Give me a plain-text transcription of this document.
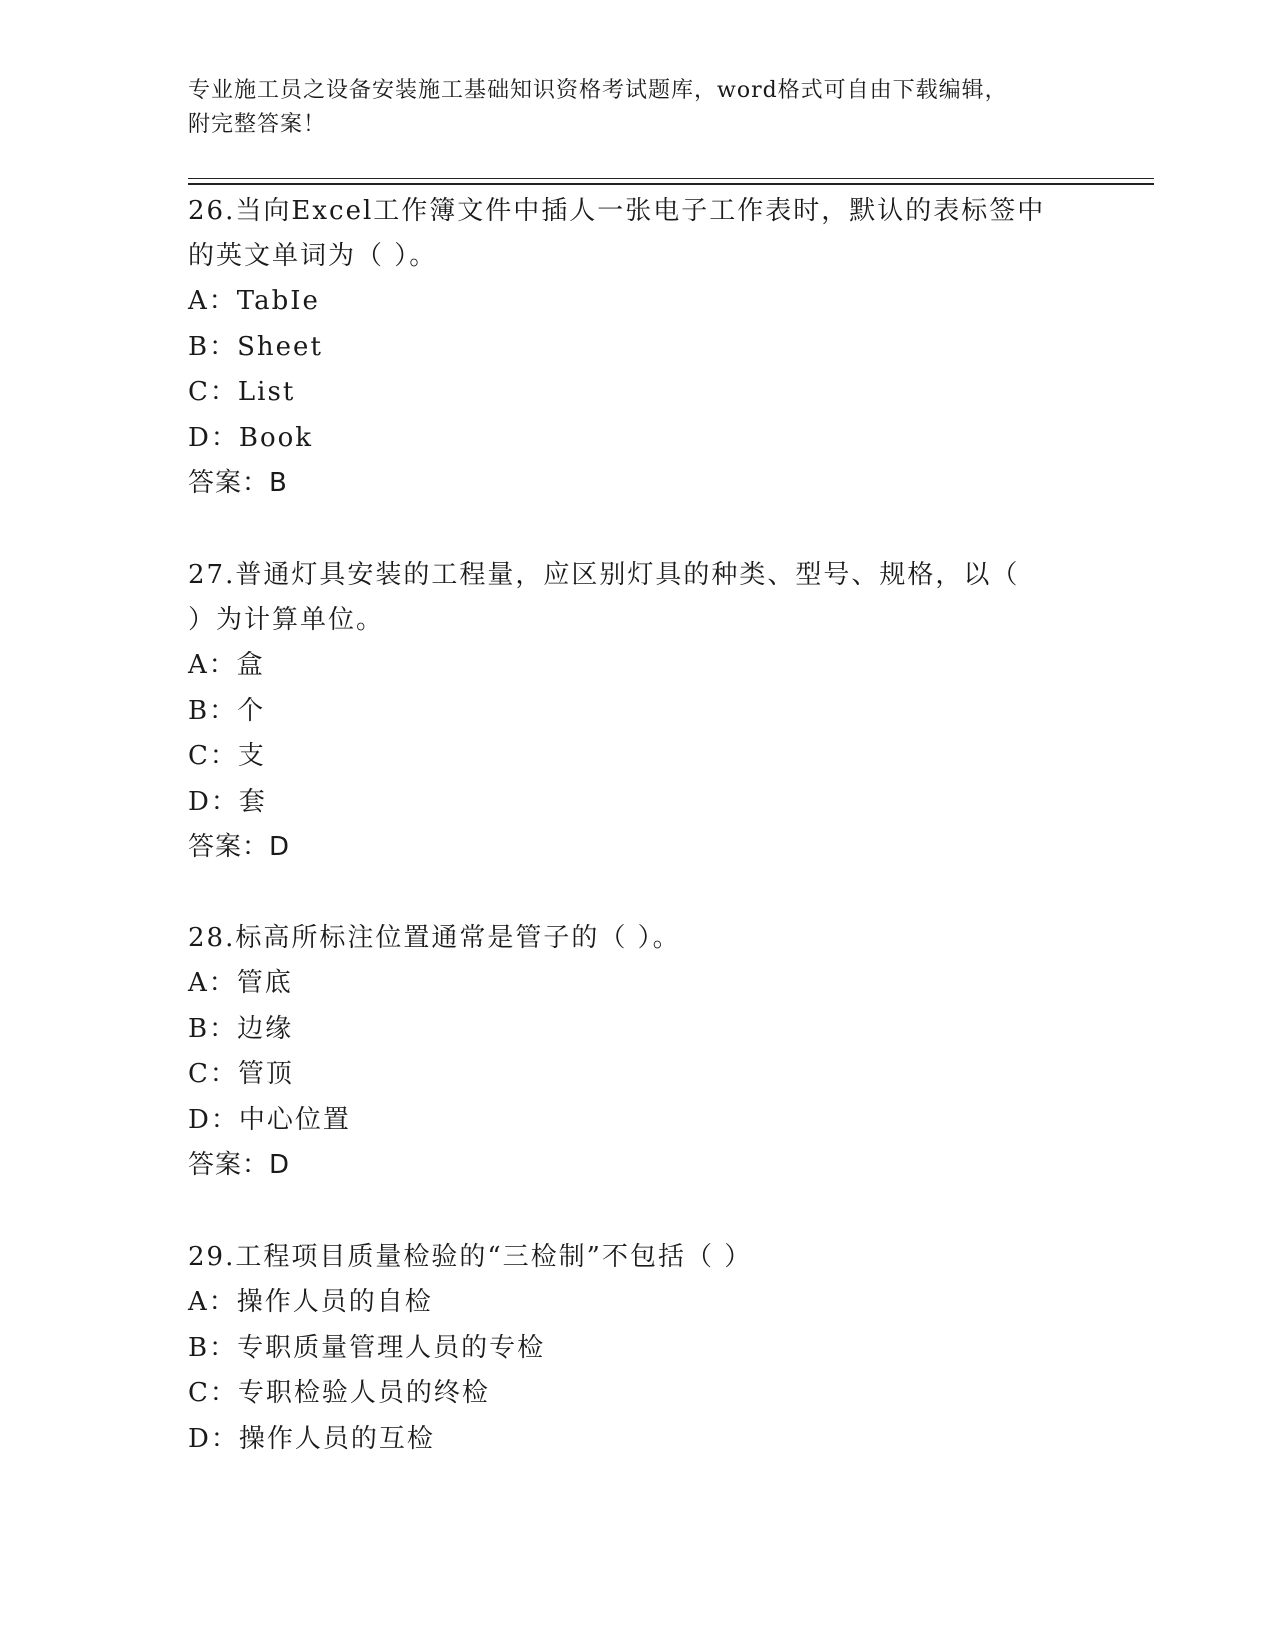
专业施工员之设备安装施工基础知识资格考试题库，word格式可自由下载编辑，
附完整答案！

26.当向Excel工作簿文件中插人一张电子工作表时，默认的表标签中

的英文单词为（ ）。

A：TabIe

B：Sheet

C：List

D：Book

答案：B

27.普通灯具安装的工程量，应区别灯具的种类、型号、规格，以（

）为计算单位。

A：盒

B：个

C：支

D：套

答案：D

28.标高所标注位置通常是管子的（ ）。

A：管底

B：边缘

C：管顶

D：中心位置

答案：D

29.工程项目质量检验的“三检制”不包括（ ）

A：操作人员的自检

B：专职质量管理人员的专检

C：专职检验人员的终检

D：操作人员的互检
